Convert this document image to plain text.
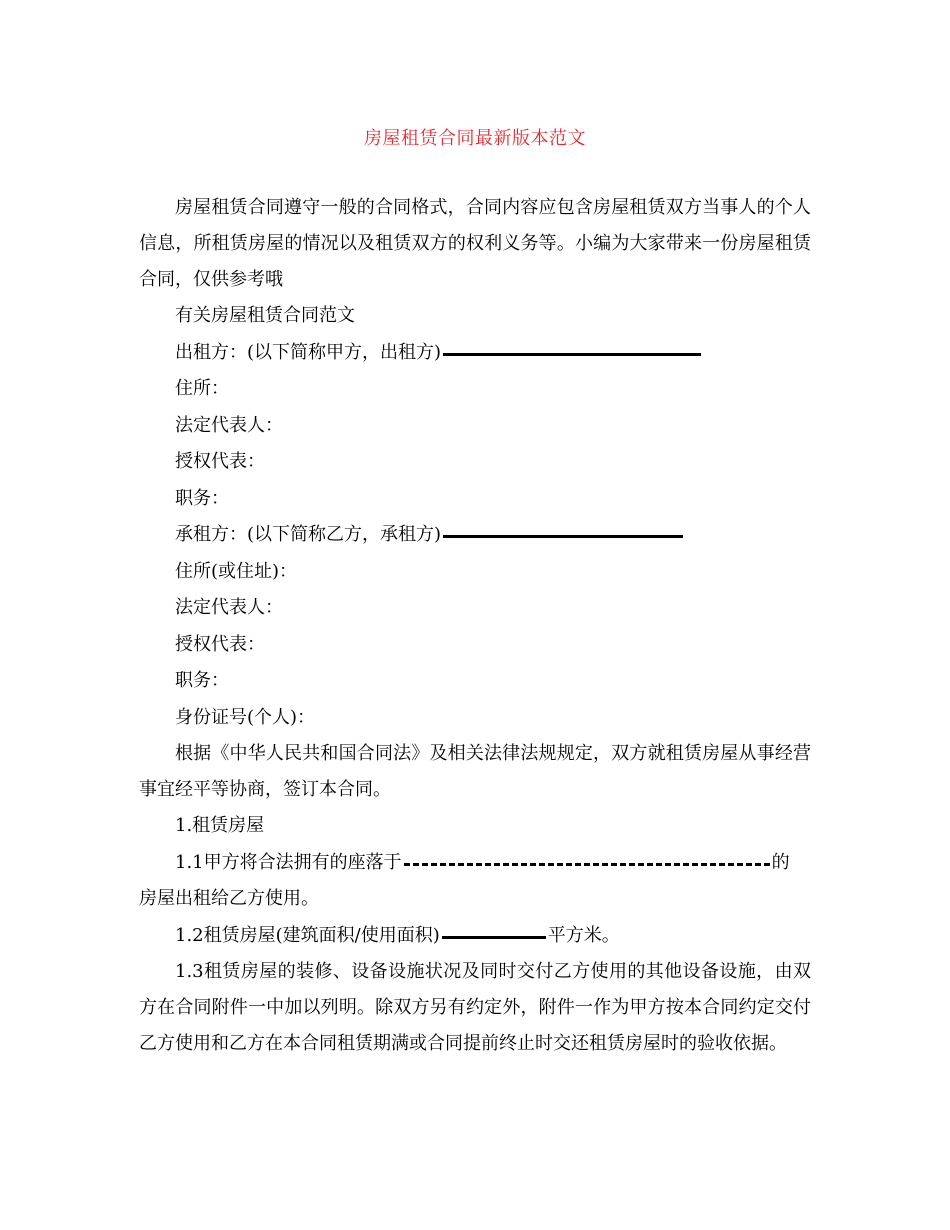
房屋租赁合同最新版本范文

房屋租赁合同遵守一般的合同格式，合同内容应包含房屋租赁双方当事人的个人信息，所租赁房屋的情况以及租赁双方的权利义务等。小编为大家带来一份房屋租赁合同，仅供参考哦

有关房屋租赁合同范文

出租方：(以下简称甲方，出租方)

住所：

法定代表人：

授权代表：

职务：

承租方：(以下简称乙方，承租方)

住所(或住址)：

法定代表人：

授权代表：

职务：

身份证号(个人)：

根据《中华人民共和国合同法》及相关法律法规规定，双方就租赁房屋从事经营事宜经平等协商，签订本合同。

1.租赁房屋

1.1甲方将合法拥有的座落于	的

房屋出租给乙方使用。

1.2租赁房屋(建筑面积/使用面积)	平方米。

1.3租赁房屋的装修、设备设施状况及同时交付乙方使用的其他设备设施，由双方在合同附件一中加以列明。除双方另有约定外，附件一作为甲方按本合同约定交付乙方使用和乙方在本合同租赁期满或合同提前终止时交还租赁房屋时的验收依据。
